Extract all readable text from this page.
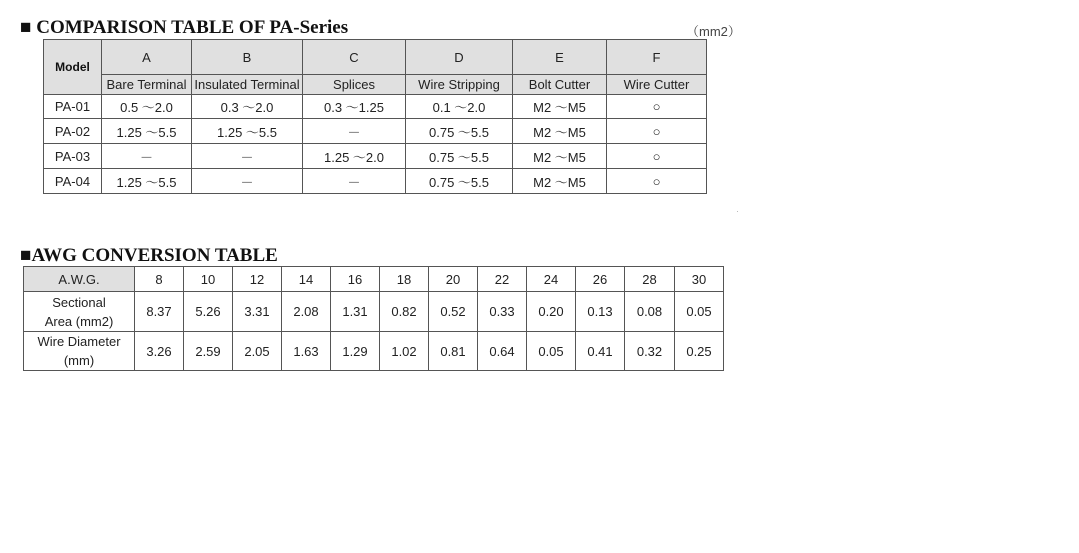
■ COMPARISON TABLE OF PA-Series	（mm2）
Model	A	B	C	D	E	F
	Bare Terminal	Insulated Terminal	Splices	Wire Stripping	Bolt Cutter	Wire Cutter
PA-01	0.5 ～2.0	0.3 ～2.0	0.3 ～1.25	0.1 ～2.0	M2 ～M5	○
PA-02	1.25 ～5.5	1.25 ～5.5	－	0.75 ～5.5	M2 ～M5	○
PA-03	－	－	1.25 ～2.0	0.75 ～5.5	M2 ～M5	○
PA-04	1.25 ～5.5	－	－	0.75 ～5.5	M2 ～M5	○
■AWG CONVERSION TABLE
A.W.G.	8	10	12	14	16	18	20	22	24	26	28	30
Sectional
Area (mm2)	8.37	5.26	3.31	2.08	1.31	0.82	0.52	0.33	0.20	0.13	0.08	0.05
Wire Diameter
(mm)	3.26	2.59	2.05	1.63	1.29	1.02	0.81	0.64	0.05	0.41	0.32	0.25
